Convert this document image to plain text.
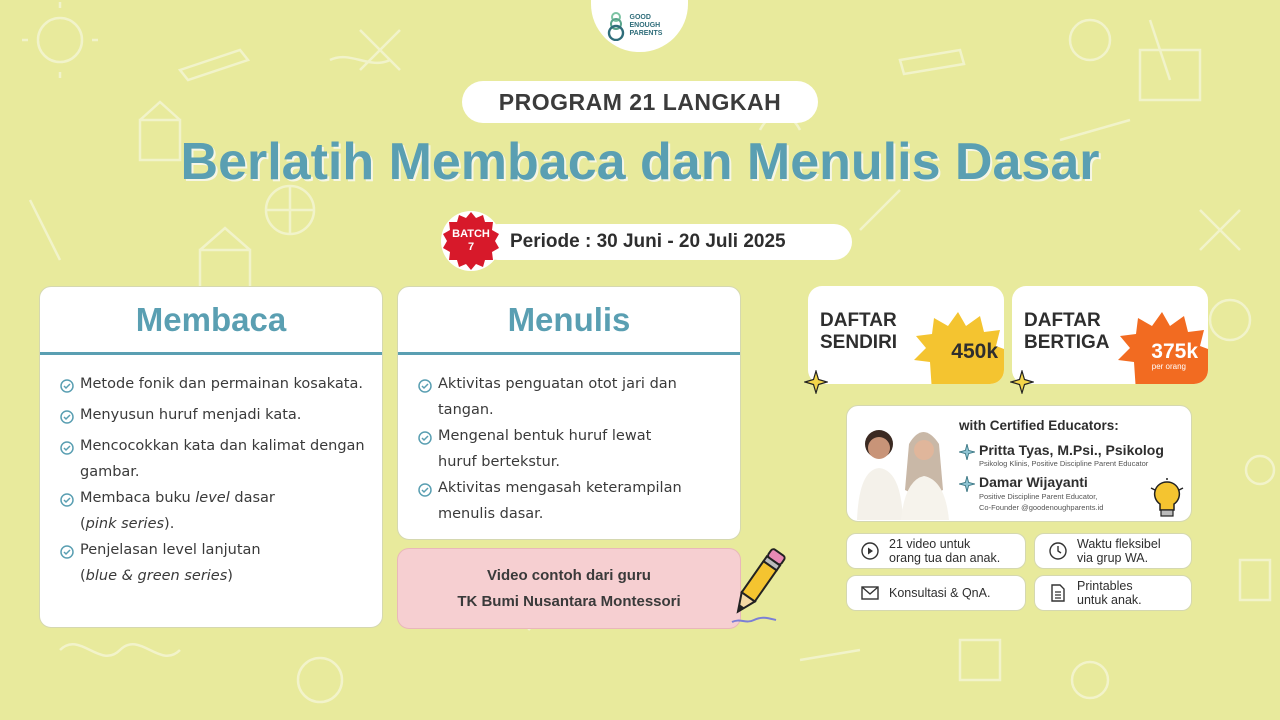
GOOD
ENOUGH
PARENTS
PROGRAM 21 LANGKAH
Berlatih Membaca dan Menulis Dasar
Periode : 30 Juni - 20 Juli 2025
BATCH
7
Membaca
Metode fonik dan permainan kosakata.
Menyusun huruf menjadi kata.
Mencocokkan kata dan kalimat dengan gambar.
Membaca buku level dasar
(pink series).
Penjelasan level lanjutan
(blue & green series)
Menulis
Aktivitas penguatan otot jari dan tangan.
Mengenal bentuk huruf lewat huruf bertekstur.
Aktivitas mengasah keterampilan menulis dasar.
Video contoh dari guru
TK Bumi Nusantara Montessori
DAFTAR
SENDIRI	450k
DAFTAR
BERTIGA 375k
per orang
with Certified Educators:
Pritta Tyas, M.Psi., Psikolog
Psikolog Klinis, Positive Discipline Parent Educator
Damar Wijayanti
Positive Discipline Parent Educator,
Co-Founder @goodenoughparents.id
21 video untuk
orang tua dan anak.
Waktu fleksibel
via grup WA.
Konsultasi & QnA.	Printables
untuk anak.
